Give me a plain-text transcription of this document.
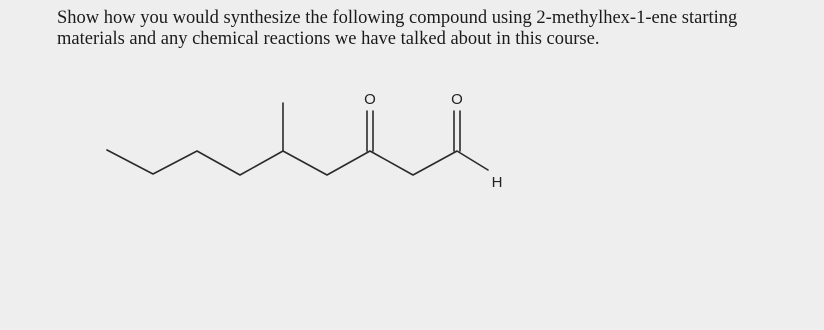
Show how you would synthesize the following compound using 2-methylhex-1-ene starting
materials and any chemical reactions we have talked about in this course.
O	O
H
